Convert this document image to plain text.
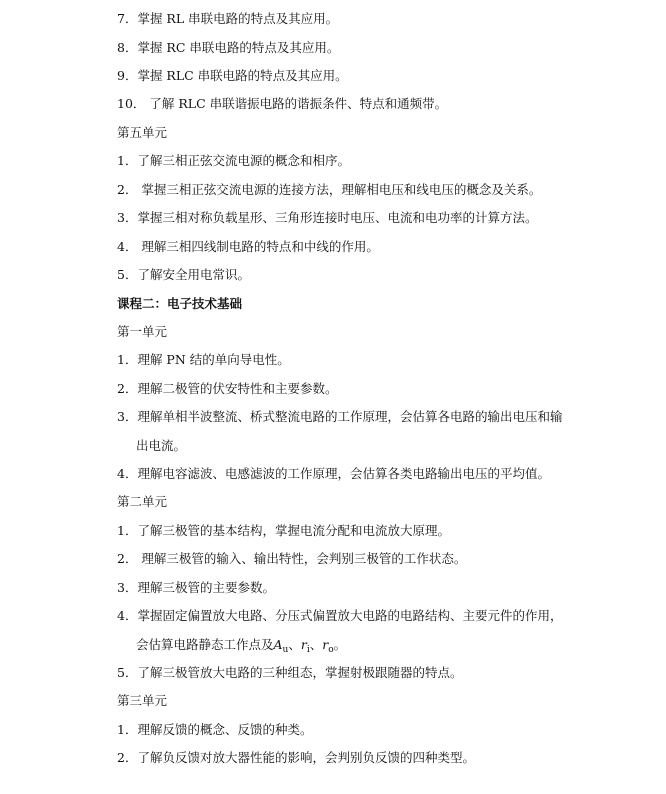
7．掌握 RL 串联电路的特点及其应用。
8．掌握 RC 串联电路的特点及其应用。
9．掌握 RLC 串联电路的特点及其应用。
10． 了解 RLC 串联谐振电路的谐振条件、特点和通频带。
第五单元
1．了解三相正弦交流电源的概念和相序。
2． 掌握三相正弦交流电源的连接方法，理解相电压和线电压的概念及关系。
3．掌握三相对称负载星形、三角形连接时电压、电流和电功率的计算方法。
4． 理解三相四线制电路的特点和中线的作用。
5．了解安全用电常识。
课程二：电子技术基础
第一单元
1．理解 PN 结的单向导电性。
2．理解二极管的伏安特性和主要参数。
3．理解单相半波整流、桥式整流电路的工作原理，会估算各电路的输出电压和输
出电流。
4．理解电容滤波、电感滤波的工作原理，会估算各类电路输出电压的平均值。
第二单元
1．了解三极管的基本结构，掌握电流分配和电流放大原理。
2． 理解三极管的输入、输出特性，会判别三极管的工作状态。
3．理解三极管的主要参数。
4．掌握固定偏置放大电路、分压式偏置放大电路的电路结构、主要元件的作用，
会估算电路静态工作点及$A_u$、$r_i$、$r_o$。
5．了解三极管放大电路的三种组态，掌握射极跟随器的特点。
第三单元
1．理解反馈的概念、反馈的种类。
2．了解负反馈对放大器性能的影响，会判别负反馈的四种类型。
